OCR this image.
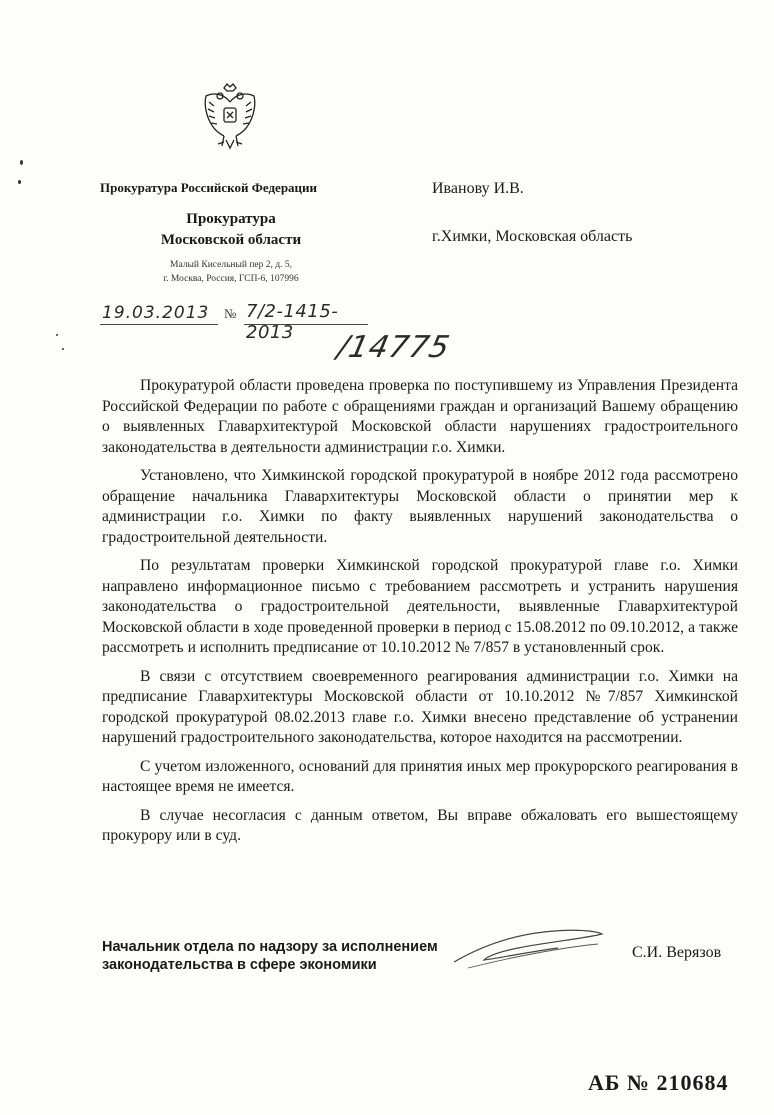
Прокуратура Российской Федерации
Прокуратура
Московской области
Малый Кисельный пер 2, д. 5,
г. Москва, Россия, ГСП-6, 107996
Иванову И.В.
г.Химки, Московская область
19.03.2013 № 7/2-1415-2013	/14775

Прокуратурой области проведена проверка по поступившему из Управления Президента Российской Федерации по работе с обращениями граждан и организаций Вашему обращению о выявленных Главархитектурой Московской области нарушениях градостроительного законодательства в деятельности администрации г.о. Химки.

Установлено, что Химкинской городской прокуратурой в ноябре 2012 года рассмотрено обращение начальника Главархитектуры Московской области о принятии мер к администрации г.о. Химки по факту выявленных нарушений законодательства о градостроительной деятельности.

По результатам проверки Химкинской городской прокуратурой главе г.о. Химки направлено информационное письмо с требованием рассмотреть и устранить нарушения законодательства о градостроительной деятельности, выявленные Главархитектурой Московской области в ходе проведенной проверки в период с 15.08.2012 по 09.10.2012, а также рассмотреть и исполнить предписание от 10.10.2012 № 7/857 в установленный срок.

В связи с отсутствием своевременного реагирования администрации г.о. Химки на предписание Главархитектуры Московской области от 10.10.2012 №7/857 Химкинской городской прокуратурой 08.02.2013 главе г.о. Химки внесено представление об устранении нарушений градостроительного законодательства, которое находится на рассмотрении.

С учетом изложенного, оснований для принятия иных мер прокурорского реагирования в настоящее время не имеется.

В случае несогласия с данным ответом, Вы вправе обжаловать его вышестоящему прокурору или в суд.

Начальник отдела по надзору за исполнением
законодательства в сфере экономики
С.И. Верязов
АБ № 210684
